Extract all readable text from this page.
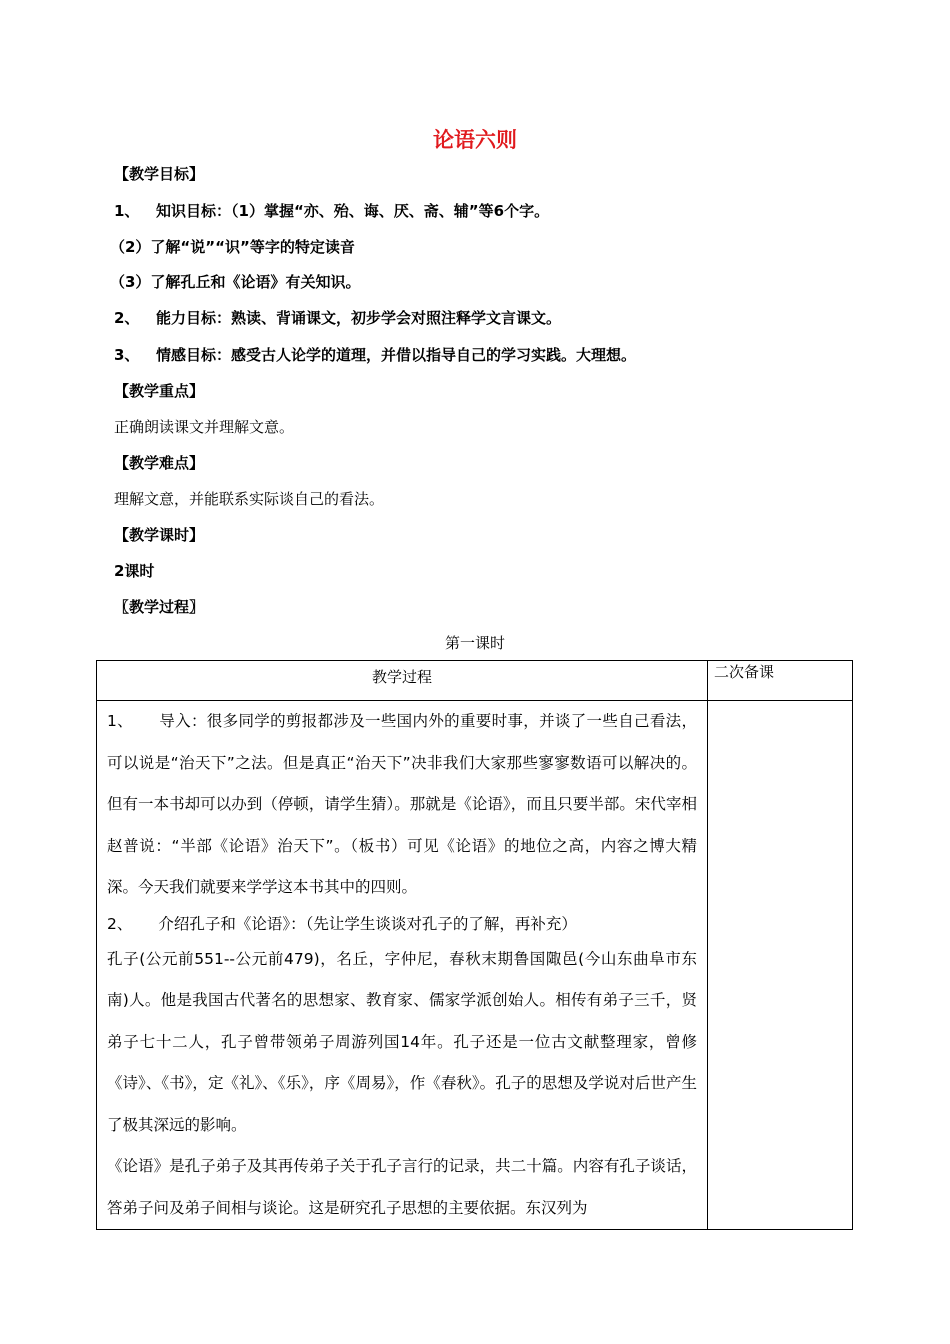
论语六则
【教学目标】
1、 知识目标：（1）掌握“亦、殆、诲、厌、斋、辅”等6个字。
（2）了解“说”“识”等字的特定读音
（3）了解孔丘和《论语》有关知识。
2、 能力目标：熟读、背诵课文，初步学会对照注释学文言课文。
3、 情感目标：感受古人论学的道理，并借以指导自己的学习实践。大理想。
【教学重点】
正确朗读课文并理解文意。
【教学难点】
理解文意，并能联系实际谈自己的看法。
【教学课时】
2课时
〖教学过程〗
第一课时
教学过程	二次备课

1、 导入：很多同学的剪报都涉及一些国内外的重要时事，并谈了一些自己看法，可以说是“治天下”之法。但是真正“治天下”决非我们大家那些寥寥数语可以解决的。但有一本书却可以办到（停顿，请学生猜）。那就是《论语》，而且只要半部。宋代宰相赵普说：“半部《论语》治天下”。（板书）可见《论语》的地位之高，内容之博大精深。今天我们就要来学学这本书其中的四则。

2、 介绍孔子和《论语》：（先让学生谈谈对孔子的了解，再补充）

孔子(公元前551--公元前479)，名丘，字仲尼，春秋末期鲁国陬邑(今山东曲阜市东南)人。他是我国古代著名的思想家、教育家、儒家学派创始人。相传有弟子三千，贤弟子七十二人，孔子曾带领弟子周游列国14年。孔子还是一位古文献整理家，曾修《诗》、《书》，定《礼》、《乐》，序《周易》，作《春秋》。孔子的思想及学说对后世产生了极其深远的影响。

《论语》是孔子弟子及其再传弟子关于孔子言行的记录，共二十篇。内容有孔子谈话，答弟子问及弟子间相与谈论。这是研究孔子思想的主要依据。东汉列为	
